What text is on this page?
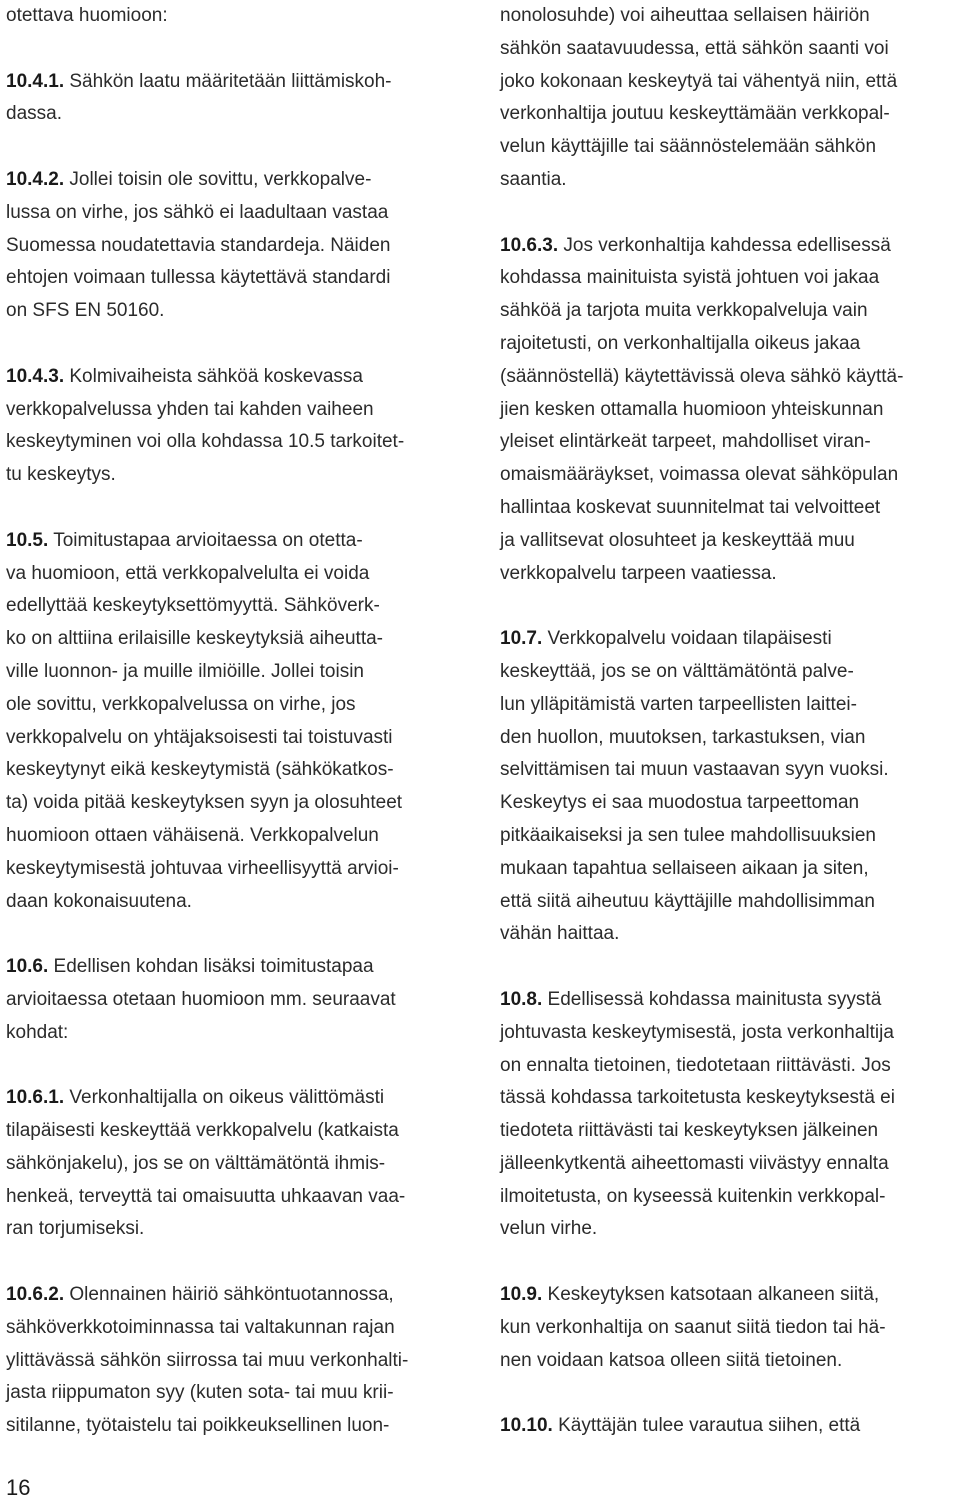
otettava huomioon:
10.4.1. Sähkön laatu määritetään liittämiskoh-
dassa.
10.4.2. Jollei toisin ole sovittu, verkkopalve-
lussa on virhe, jos sähkö ei laadultaan vastaa
Suomessa noudatettavia standardeja. Näiden
ehtojen voimaan tullessa käytettävä standardi
on SFS EN 50160.
10.4.3. Kolmivaiheista sähköä koskevassa
verkkopalvelussa yhden tai kahden vaiheen
keskeytyminen voi olla kohdassa 10.5 tarkoitet-
tu keskeytys.
10.5. Toimitustapaa arvioitaessa on otetta-
va huomioon, että verkkopalvelulta ei voida
edellyttää keskeytyksettömyyttä. Sähköverk-
ko on alttiina erilaisille keskeytyksiä aiheutta-
ville luonnon- ja muille ilmiöille. Jollei toisin
ole sovittu, verkkopalvelussa on virhe, jos
verkkopalvelu on yhtäjaksoisesti tai toistuvasti
keskeytynyt eikä keskeytymistä (sähkökatkos-
ta) voida pitää keskeytyksen syyn ja olosuhteet
huomioon ottaen vähäisenä. Verkkopalvelun
keskeytymisestä johtuvaa virheellisyyttä arvioi-
daan kokonaisuutena.
10.6. Edellisen kohdan lisäksi toimitustapaa
arvioitaessa otetaan huomioon mm. seuraavat
kohdat:
10.6.1. Verkonhaltijalla on oikeus välittömästi
tilapäisesti keskeyttää verkkopalvelu (katkaista
sähkönjakelu), jos se on välttämätöntä ihmis-
henkeä, terveyttä tai omaisuutta uhkaavan vaa-
ran torjumiseksi.
10.6.2. Olennainen häiriö sähköntuotannossa,
sähköverkkotoiminnassa tai valtakunnan rajan
ylittävässä sähkön siirrossa tai muu verkonhalti-
jasta riippumaton syy (kuten sota- tai muu krii-
sitilanne, työtaistelu tai poikkeuksellinen luon-
nonolosuhde) voi aiheuttaa sellaisen häiriön
sähkön saatavuudessa, että sähkön saanti voi
joko kokonaan keskeytyä tai vähentyä niin, että
verkonhaltija joutuu keskeyttämään verkkopal-
velun käyttäjille tai säännöstelemään sähkön
saantia.
10.6.3. Jos verkonhaltija kahdessa edellisessä
kohdassa mainituista syistä johtuen voi jakaa
sähköä ja tarjota muita verkkopalveluja vain
rajoitetusti, on verkonhaltijalla oikeus jakaa
(säännöstellä) käytettävissä oleva sähkö käyttä-
jien kesken ottamalla huomioon yhteiskunnan
yleiset elintärkeät tarpeet, mahdolliset viran-
omaismääräykset, voimassa olevat sähköpulan
hallintaa koskevat suunnitelmat tai velvoitteet
ja vallitsevat olosuhteet ja keskeyttää muu
verkkopalvelu tarpeen vaatiessa.
10.7. Verkkopalvelu voidaan tilapäisesti
keskeyttää, jos se on välttämätöntä palve-
lun ylläpitämistä varten tarpeellisten laittei-
den huollon, muutoksen, tarkastuksen, vian
selvittämisen tai muun vastaavan syyn vuoksi.
Keskeytys ei saa muodostua tarpeettoman
pitkäaikaiseksi ja sen tulee mahdollisuuksien
mukaan tapahtua sellaiseen aikaan ja siten,
että siitä aiheutuu käyttäjille mahdollisimman
vähän haittaa.
10.8. Edellisessä kohdassa mainitusta syystä
johtuvasta keskeytymisestä, josta verkonhaltija
on ennalta tietoinen, tiedotetaan riittävästi. Jos
tässä kohdassa tarkoitetusta keskeytyksestä ei
tiedoteta riittävästi tai keskeytyksen jälkeinen
jälleenkytkentä aiheettomasti viivästyy ennalta
ilmoitetusta, on kyseessä kuitenkin verkkopal-
velun virhe.
10.9. Keskeytyksen katsotaan alkaneen siitä,
kun verkonhaltija on saanut siitä tiedon tai hä-
nen voidaan katsoa olleen siitä tietoinen.
10.10. Käyttäjän tulee varautua siihen, että
16
